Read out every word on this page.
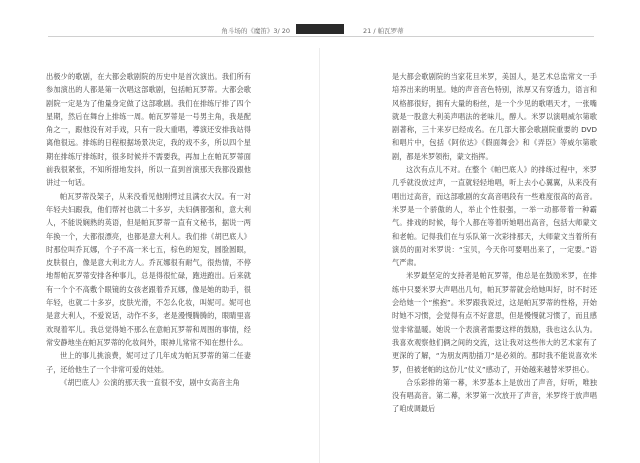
角斗场的《魔笛》3/ 20	21 / 帕瓦罗蒂

出极少的歌剧，在大都会歌剧院的历史中是首次演出。我们所有参加演出的人都是第一次唱这部歌剧，包括帕瓦罗蒂。大都会歌剧院一定是为了他量身定做了这部歌剧。我们在排练厅排了四个星期，然后在舞台上排练一周。帕瓦罗蒂是一号男主角，我是配角之一，跟他没有对手戏，只有一段大重唱，導演还安排我站得离他很远。排练的日程根据场景决定，我的戏不多，所以四个星期在排练厅排练时，很多时候并不需要我，再加上在帕瓦罗蒂面前我很紧张，不知所措地发抖，所以一直到首演那天我都没跟他讲过一句话。

帕瓦罗蒂没架子，从来没看见他刚愕过且满衣大汉。有一对年轻夫妇跟我，他们帮衬也就二十多岁，夫妇俩都强和，意大利人，不能说娴熟的英语，但是帕瓦罗蒂一直有文秘书，据说一两年换一个，大都很漂亮，也都是意大利人。我们排《胡巴底人》时那位叫乔瓦娜，个子不高一米七五，棕色的短发，圆脸圆眼，皮肤很白，像是意大利北方人。乔瓦娜很有耐气，很热情，不停地帮帕瓦罗蒂安排各种事儿，总是得很忙碌，跑进跑出。后来就有一个个不高敷个眼镜的女孩老跟着乔瓦娜，像是她的助手，很年轻，也就二十多岁，皮肤光滑，不怎么化妆，叫妮可。妮可也是意大利人，不爱说话，动作不多，老是漫慢腾腾的，眼睛里喜欢现着军儿。我总觉得她不那么在意帕瓦罗蒂和周围的事情，经常安静地坐在帕瓦罗蒂的化妆间外，眼神儿常常不知在想什么。

世上的事儿挑浪费，妮可过了几年成为帕瓦罗蒂的第二任妻子，还给他生了一个非常可爱的娃娃。

《胡巴底人》公演的那天我一直很不安，剧中女高音主角

是大都会歌剧院的当家花旦米罗，美国人，是艺术总监常文一手培养出来的明星。她的声音音色特别，浓厚又有穿透力，语言和风格都很好，拥有大量的粉丝，是一个少见的歌唱天才，一张嘴就是一股意大利美声唱法的老味儿，醇人。米罗以演唱威尔第歌剧著称，三十来岁已经成名。在几部大都会歌剧院重要的 DVD 和唱片中，包括《阿依达》《假面舞会》和《弄臣》等威尔第歌剧，都是米罗领衔，蒙文指挥。

这次有点儿不对。在整个《帕巴底人》的排练过程中，米罗几乎就没放过声，一直就轻轻地唱，听上去小心翼翼，从来没有唱出过高音，而这部歌剧的女高音唱段有一些难度很高的高音。米罗是一个骄傲的人，举止个性很强，一举一动都带着一种霸气。排戏的时候，每个人都在等着听她唱出高音，包括大师蒙文和老帕。记得我们在与乐队第一次彩排那天，大师蒙文当着所有演员的面对米罗说：“宝贝，今天你可要唱出来了，一定要。”语气严肃。

米罗最坚定的支持者是帕瓦罗蒂，他总是在鼓励米罗，在排练中只要米罗大声唱出几句，帕瓦罗蒂就会给她叫好，时不时还会给她一个“熊抱”。米罗跟我说过，这是帕瓦罗蒂的性格，开始时她不习惯，会觉得有点不好意思，但是慢慢就习惯了，而且感觉非常温暖。她说一个表演者需要这样的鼓励，我也这么认为。我喜欢观察他们俩之间的交流，这让我对这些伟大的艺术家有了更深的了解，“为朋友两肋插刀”是必须的。那时我不能说喜欢米罗，但被老帕的这份儿“仗义”感动了，开始越来越替米罗担心。

合乐彩排的第一幕，米罗基本上是放出了声音，好听，唯独没有唱高音。第二幕，米罗第一次放开了声音，米罗终于放声唱了咱成调最后
